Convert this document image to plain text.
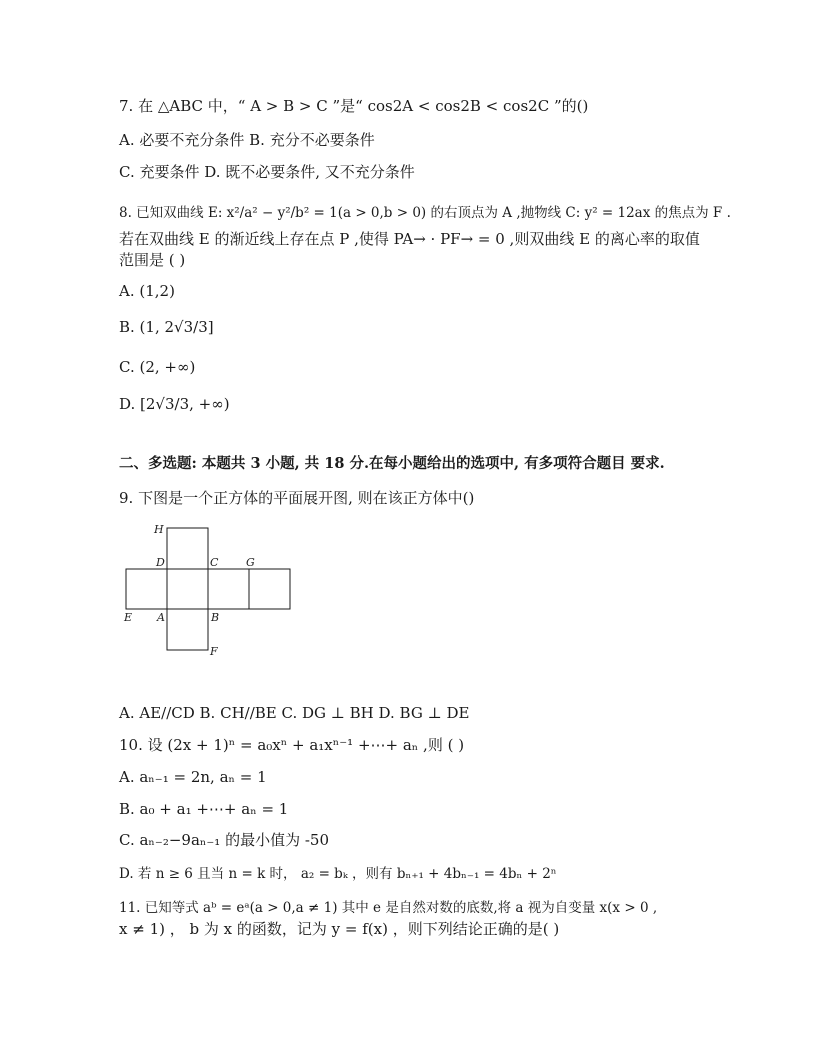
7. 在 △ABC 中，“ A > B > C ”是“ cos2A < cos2B < cos2C ”的()
A. 必要不充分条件 B. 充分不必要条件
C. 充要条件 D. 既不必要条件, 又不充分条件
8. 已知双曲线 E: x²/a² − y²/b² = 1(a > 0,b > 0) 的右顶点为 A ,抛物线 C: y² = 12ax 的焦点为 F .
若在双曲线 E 的渐近线上存在点 P ,使得 PA→ · PF→ = 0 ,则双曲线 E 的离心率的取值
范围是 ( )
A. (1,2)
B. (1, 2√3/3]
C. (2, +∞)
D. [2√3/3, +∞)
二、多选题: 本题共 3 小题, 共 18 分.在每小题给出的选项中, 有多项符合题目 要求.
9. 下图是一个正方体的平面展开图, 则在该正方体中()
H
D	C	G
E A	B
F
A. AE//CD B. CH//BE C. DG ⊥ BH D. BG ⊥ DE
10. 设 (2x + 1)ⁿ = a₀xⁿ + a₁xⁿ⁻¹ +⋯+ aₙ ,则 ( )
A. aₙ₋₁ = 2n, aₙ = 1
B. a₀ + a₁ +⋯+ aₙ = 1
C. aₙ₋₂−9aₙ₋₁ 的最小值为 -50
D. 若 n ≥ 6 且当 n = k 时， a₂ = bₖ ，则有 bₙ₊₁ + 4bₙ₋₁ = 4bₙ + 2ⁿ
11. 已知等式 aᵇ = eᵃ(a > 0,a ≠ 1) 其中 e 是自然对数的底数,将 a 视为自变量 x(x > 0 ,
x ≠ 1) ， b 为 x 的函数，记为 y = f(x) ，则下列结论正确的是( )
